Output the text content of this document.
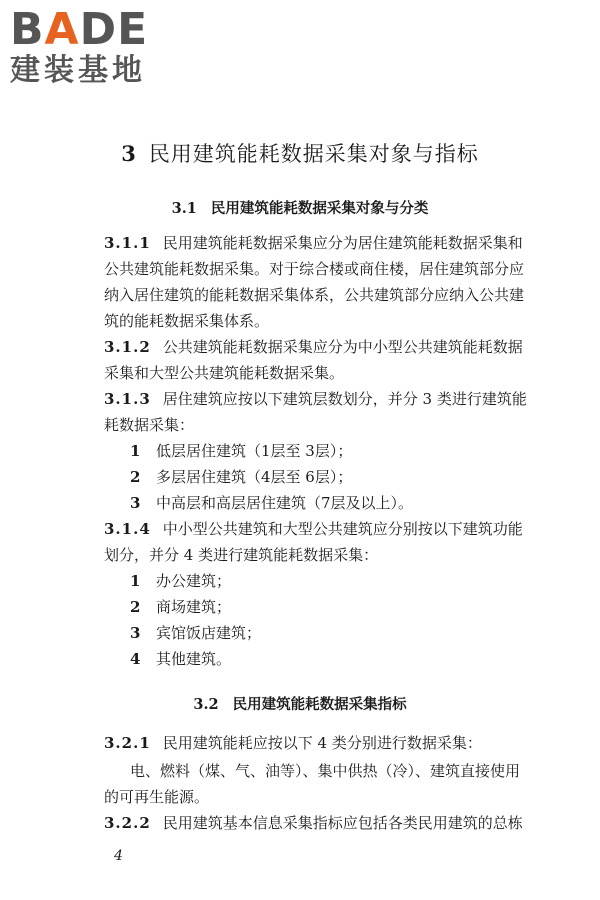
BADE
建装基地
3 民用建筑能耗数据采集对象与指标
3.1 民用建筑能耗数据采集对象与分类
3.1.1 民用建筑能耗数据采集应分为居住建筑能耗数据采集和
公共建筑能耗数据采集。对于综合楼或商住楼，居住建筑部分应
纳入居住建筑的能耗数据采集体系，公共建筑部分应纳入公共建
筑的能耗数据采集体系。
3.1.2 公共建筑能耗数据采集应分为中小型公共建筑能耗数据
采集和大型公共建筑能耗数据采集。
3.1.3 居住建筑应按以下建筑层数划分，并分 3 类进行建筑能
耗数据采集：
1 低层居住建筑（1层至 3层）；
2 多层居住建筑（4层至 6层）；
3 中高层和高层居住建筑（7层及以上）。
3.1.4 中小型公共建筑和大型公共建筑应分别按以下建筑功能
划分，并分 4 类进行建筑能耗数据采集：
1 办公建筑；
2 商场建筑；
3 宾馆饭店建筑；
4 其他建筑。
3.2 民用建筑能耗数据采集指标
3.2.1 民用建筑能耗应按以下 4 类分别进行数据采集：
电、燃料（煤、气、油等）、集中供热（冷）、建筑直接使用
的可再生能源。
3.2.2 民用建筑基本信息采集指标应包括各类民用建筑的总栋
4
